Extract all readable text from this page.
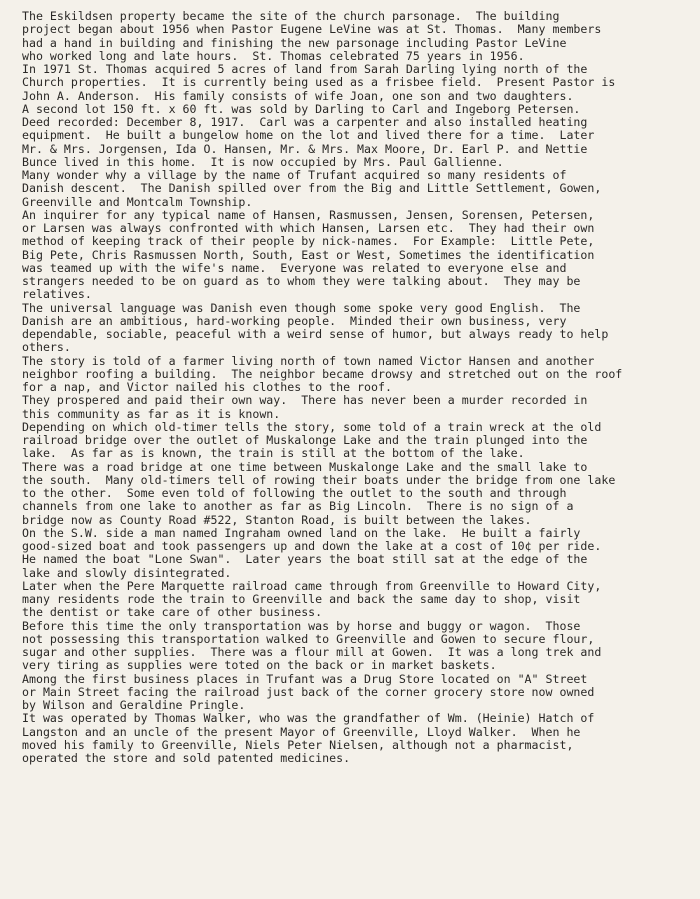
The Eskildsen property became the site of the church parsonage.  The building
project began about 1956 when Pastor Eugene LeVine was at St. Thomas.  Many members
had a hand in building and finishing the new parsonage including Pastor LeVine
who worked long and late hours.  St. Thomas celebrated 75 years in 1956.
In 1971 St. Thomas acquired 5 acres of land from Sarah Darling lying north of the
Church properties.  It is currently being used as a frisbee field.  Present Pastor is
John A. Anderson.  His family consists of wife Joan, one son and two daughters.
A second lot 150 ft. x 60 ft. was sold by Darling to Carl and Ingeborg Petersen.
Deed recorded: December 8, 1917.  Carl was a carpenter and also installed heating
equipment.  He built a bungelow home on the lot and lived there for a time.  Later
Mr. & Mrs. Jorgensen, Ida O. Hansen, Mr. & Mrs. Max Moore, Dr. Earl P. and Nettie
Bunce lived in this home.  It is now occupied by Mrs. Paul Gallienne.
Many wonder why a village by the name of Trufant acquired so many residents of
Danish descent.  The Danish spilled over from the Big and Little Settlement, Gowen,
Greenville and Montcalm Township.
An inquirer for any typical name of Hansen, Rasmussen, Jensen, Sorensen, Petersen,
or Larsen was always confronted with which Hansen, Larsen etc.  They had their own
method of keeping track of their people by nick-names.  For Example:  Little Pete,
Big Pete, Chris Rasmussen North, South, East or West, Sometimes the identification
was teamed up with the wife's name.  Everyone was related to everyone else and
strangers needed to be on guard as to whom they were talking about.  They may be
relatives.
The universal language was Danish even though some spoke very good English.  The
Danish are an ambitious, hard-working people.  Minded their own business, very
dependable, sociable, peaceful with a weird sense of humor, but always ready to help
others.
The story is told of a farmer living north of town named Victor Hansen and another
neighbor roofing a building.  The neighbor became drowsy and stretched out on the roof
for a nap, and Victor nailed his clothes to the roof.
They prospered and paid their own way.  There has never been a murder recorded in
this community as far as it is known.
Depending on which old-timer tells the story, some told of a train wreck at the old
railroad bridge over the outlet of Muskalonge Lake and the train plunged into the
lake.  As far as is known, the train is still at the bottom of the lake.
There was a road bridge at one time between Muskalonge Lake and the small lake to
the south.  Many old-timers tell of rowing their boats under the bridge from one lake
to the other.  Some even told of following the outlet to the south and through
channels from one lake to another as far as Big Lincoln.  There is no sign of a
bridge now as County Road #522, Stanton Road, is built between the lakes.
On the S.W. side a man named Ingraham owned land on the lake.  He built a fairly
good-sized boat and took passengers up and down the lake at a cost of 10¢ per ride.
He named the boat "Lone Swan".  Later years the boat still sat at the edge of the
lake and slowly disintegrated.
Later when the Pere Marquette railroad came through from Greenville to Howard City,
many residents rode the train to Greenville and back the same day to shop, visit
the dentist or take care of other business.
Before this time the only transportation was by horse and buggy or wagon.  Those
not possessing this transportation walked to Greenville and Gowen to secure flour,
sugar and other supplies.  There was a flour mill at Gowen.  It was a long trek and
very tiring as supplies were toted on the back or in market baskets.
Among the first business places in Trufant was a Drug Store located on "A" Street
or Main Street facing the railroad just back of the corner grocery store now owned
by Wilson and Geraldine Pringle.
It was operated by Thomas Walker, who was the grandfather of Wm. (Heinie) Hatch of
Langston and an uncle of the present Mayor of Greenville, Lloyd Walker.  When he
moved his family to Greenville, Niels Peter Nielsen, although not a pharmacist,
operated the store and sold patented medicines.
